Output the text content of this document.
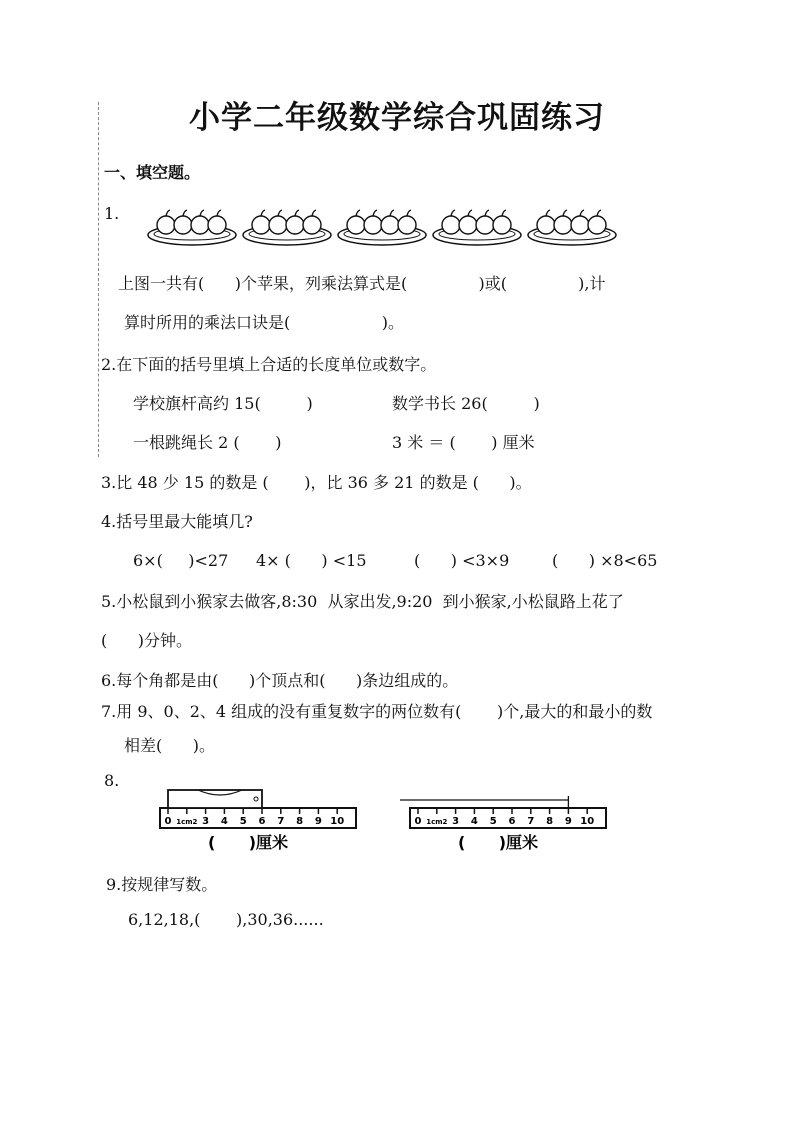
小学二年级数学综合巩固练习
一、填空题。
1.
上图一共有(      )个苹果，列乘法算式是(              )或(              ),计
算时所用的乘法口诀是(                  )。
2.在下面的括号里填上合适的长度单位或数字。
学校旗杆高约 15(         )	数学书长 26(         )
一根跳绳长 2 (       )	3 米 ＝ (       ) 厘米
3.比 48 少 15 的数是 (       )，比 36 多 21 的数是 (      )。
4.括号里最大能填几?
6×(     )<27 4× (      ) <15	(      ) <3×9	(      ) ×8<65
5.小松鼠到小猴家去做客,8:30  从家出发,9:20  到小猴家,小松鼠路上花了
(      )分钟。
6.每个角都是由(      )个顶点和(      )条边组成的。
7.用 9、0、2、4 组成的没有重复数字的两位数有(       )个,最大的和最小的数
相差(      )。
8.
0 1cm2 3 4 5 6 7 8 9 10
(      )厘米
0 1cm2 3 4 5 6 7 8 9 10
(      )厘米
9.按规律写数。
6,12,18,(       ),30,36......
